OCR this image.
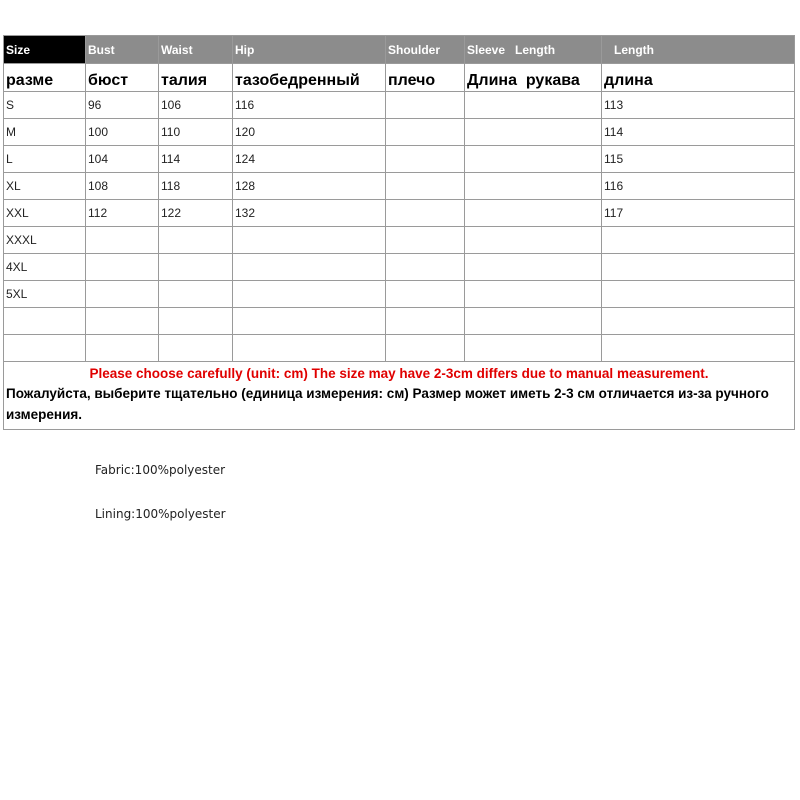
Size	Bust	Waist	Hip	Shoulder	Sleeve   Length	Length
разме	бюст	талия	тазобедренный	плечо	Длина  рукава	длина
S	96	106	116			113
M	100	110	120			114
L	104	114	124			115
XL	108	118	128			116
XXL	112	122	132			117
XXXL						
4XL						
5XL						

Please choose carefully (unit: cm) The size may have 2-3cm differs due to manual measurement.
Пожалуйста, выберите тщательно (единица измерения: см) Размер может иметь 2-3 см отличается из-за ручного измерения.						
Fabric:100%polyester
Lining:100%polyester
